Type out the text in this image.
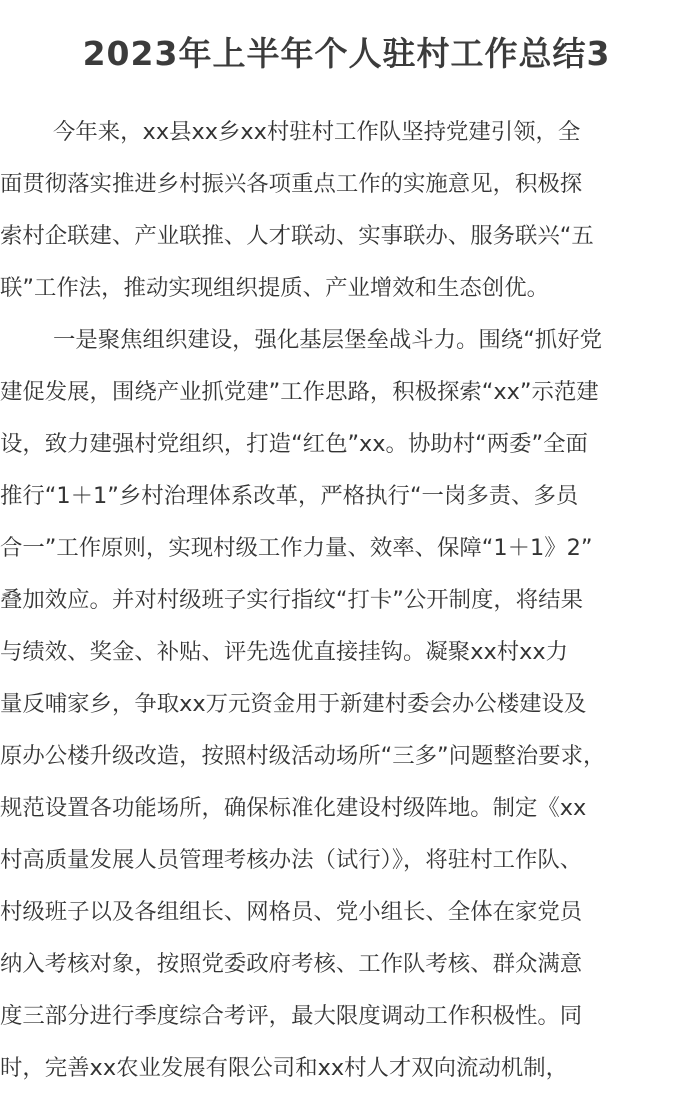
2023年上半年个人驻村工作总结3

今年来，xx县xx乡xx村驻村工作队坚持党建引领，全

面贯彻落实推进乡村振兴各项重点工作的实施意见，积极探

索村企联建、产业联推、人才联动、实事联办、服务联兴“五

联”工作法，推动实现组织提质、产业增效和生态创优。

一是聚焦组织建设，强化基层堡垒战斗力。围绕“抓好党

建促发展，围绕产业抓党建”工作思路，积极探索“xx”示范建

设，致力建强村党组织，打造“红色”xx。协助村“两委”全面

推行“1＋1”乡村治理体系改革，严格执行“一岗多责、多员

合一”工作原则，实现村级工作力量、效率、保障“1＋1》2”

叠加效应。并对村级班子实行指纹“打卡”公开制度，将结果

与绩效、奖金、补贴、评先选优直接挂钩。凝聚xx村xx力

量反哺家乡，争取xx万元资金用于新建村委会办公楼建设及

原办公楼升级改造，按照村级活动场所“三多”问题整治要求，

规范设置各功能场所，确保标准化建设村级阵地。制定《xx

村高质量发展人员管理考核办法（试行）》，将驻村工作队、

村级班子以及各组组长、网格员、党小组长、全体在家党员

纳入考核对象，按照党委政府考核、工作队考核、群众满意

度三部分进行季度综合考评，最大限度调动工作积极性。同

时，完善xx农业发展有限公司和xx村人才双向流动机制，
